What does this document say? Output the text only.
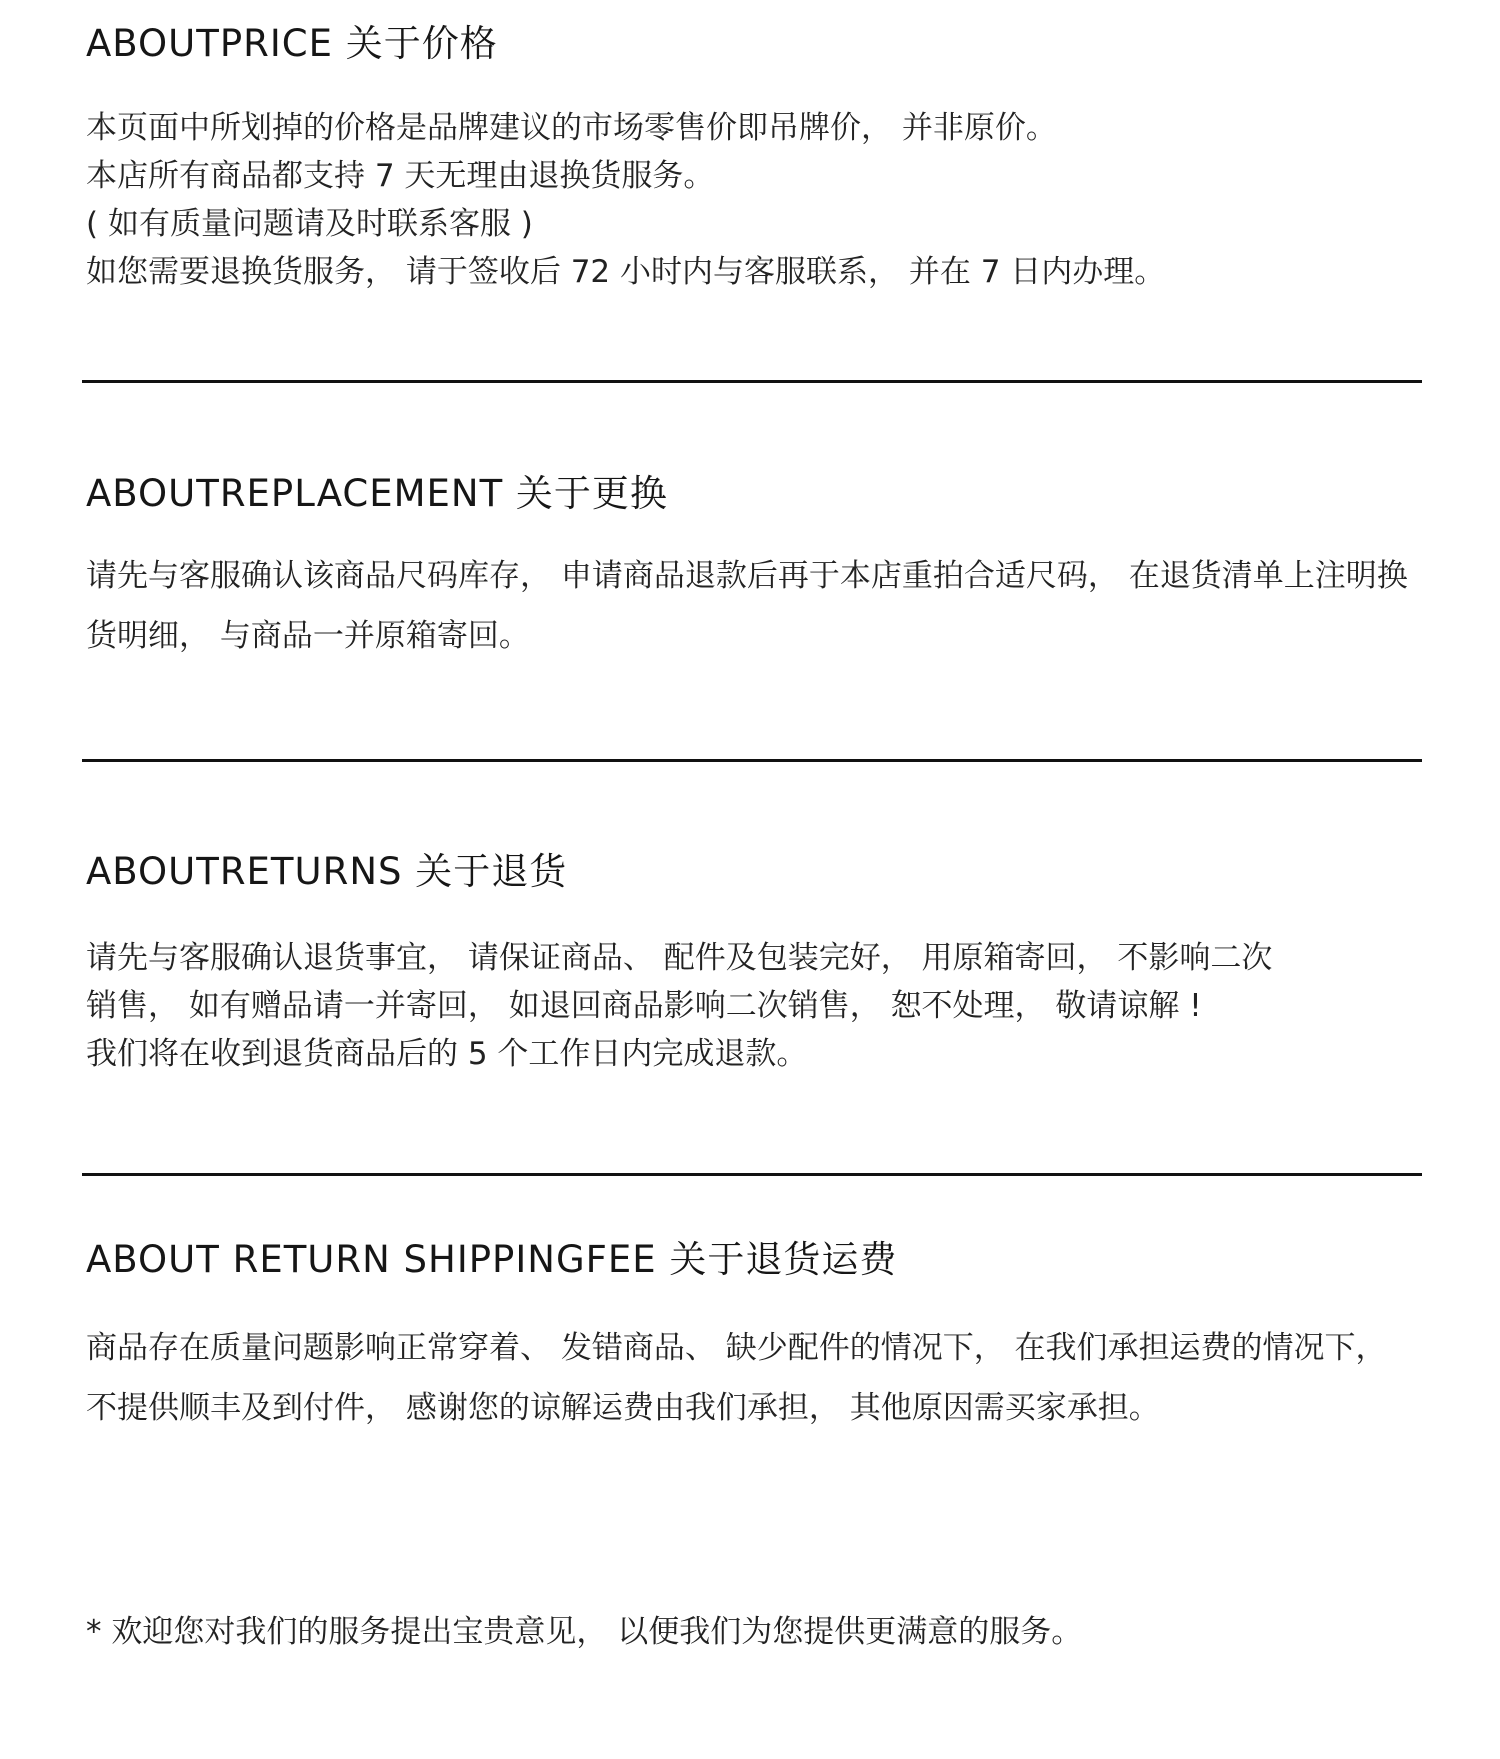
ABOUTPRICE 关于价格

本页面中所划掉的价格是品牌建议的市场零售价即吊牌价， 并非原价。

本店所有商品都支持 7 天无理由退换货服务。

( 如有质量问题请及时联系客服 )

如您需要退换货服务， 请于签收后 72 小时内与客服联系， 并在 7 日内办理。

ABOUTREPLACEMENT 关于更换

请先与客服确认该商品尺码库存， 申请商品退款后再于本店重拍合适尺码， 在退货清单上注明换货明细， 与商品一并原箱寄回。

ABOUTRETURNS 关于退货

请先与客服确认退货事宜， 请保证商品、 配件及包装完好， 用原箱寄回， 不影响二次

销售， 如有赠品请一并寄回， 如退回商品影响二次销售， 恕不处理， 敬请谅解 !

我们将在收到退货商品后的 5 个工作日内完成退款。

ABOUT RETURN SHIPPINGFEE 关于退货运费

商品存在质量问题影响正常穿着、 发错商品、 缺少配件的情况下， 在我们承担运费的情况下， 不提供顺丰及到付件， 感谢您的谅解运费由我们承担， 其他原因需买家承担。

* 欢迎您对我们的服务提出宝贵意见， 以便我们为您提供更满意的服务。
